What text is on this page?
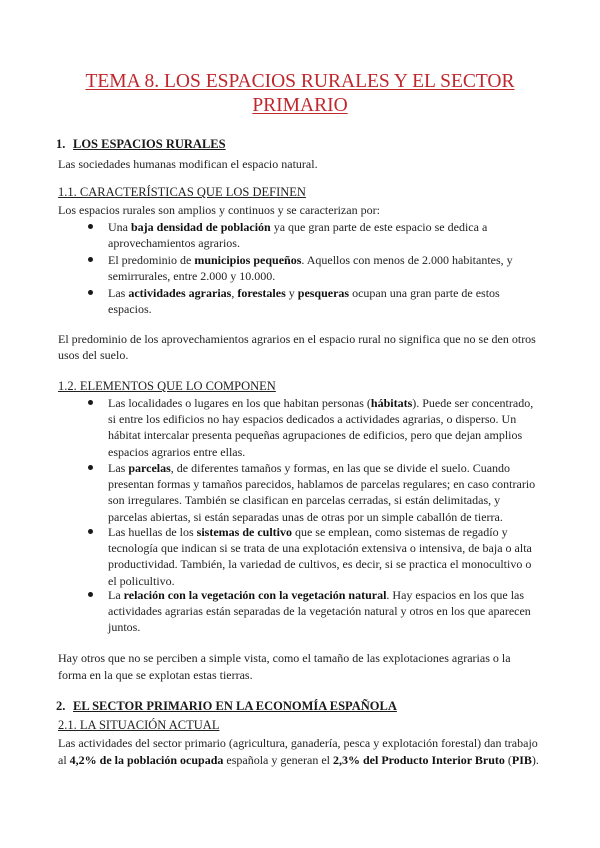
TEMA 8. LOS ESPACIOS RURALES Y EL SECTOR
PRIMARIO
1. LOS ESPACIOS RURALES
Las sociedades humanas modifican el espacio natural.
1.1. CARACTERÍSTICAS QUE LOS DEFINEN
Los espacios rurales son amplios y continuos y se caracterizan por:
Una baja densidad de población ya que gran parte de este espacio se dedica a
aprovechamientos agrarios.
El predominio de municipios pequeños. Aquellos con menos de 2.000 habitantes, y
semirrurales, entre 2.000 y 10.000.
Las actividades agrarias, forestales y pesqueras ocupan una gran parte de estos
espacios.
El predominio de los aprovechamientos agrarios en el espacio rural no significa que no se den otros
usos del suelo.
1.2. ELEMENTOS QUE LO COMPONEN
Las localidades o lugares en los que habitan personas (hábitats). Puede ser concentrado,
si entre los edificios no hay espacios dedicados a actividades agrarias, o disperso. Un
hábitat intercalar presenta pequeñas agrupaciones de edificios, pero que dejan amplios
espacios agrarios entre ellas.
Las parcelas, de diferentes tamaños y formas, en las que se divide el suelo. Cuando
presentan formas y tamaños parecidos, hablamos de parcelas regulares; en caso contrario
son irregulares. También se clasifican en parcelas cerradas, si están delimitadas, y
parcelas abiertas, si están separadas unas de otras por un simple caballón de tierra.
Las huellas de los sistemas de cultivo que se emplean, como sistemas de regadío y
tecnología que indican si se trata de una explotación extensiva o intensiva, de baja o alta
productividad. También, la variedad de cultivos, es decir, si se practica el monocultivo o
el policultivo.
La relación con la vegetación con la vegetación natural. Hay espacios en los que las
actividades agrarias están separadas de la vegetación natural y otros en los que aparecen
juntos.
Hay otros que no se perciben a simple vista, como el tamaño de las explotaciones agrarias o la
forma en la que se explotan estas tierras.
2. EL SECTOR PRIMARIO EN LA ECONOMÍA ESPAÑOLA
2.1. LA SITUACIÓN ACTUAL
Las actividades del sector primario (agricultura, ganadería, pesca y explotación forestal) dan trabajo
al 4,2% de la población ocupada española y generan el 2,3% del Producto Interior Bruto (PIB).
